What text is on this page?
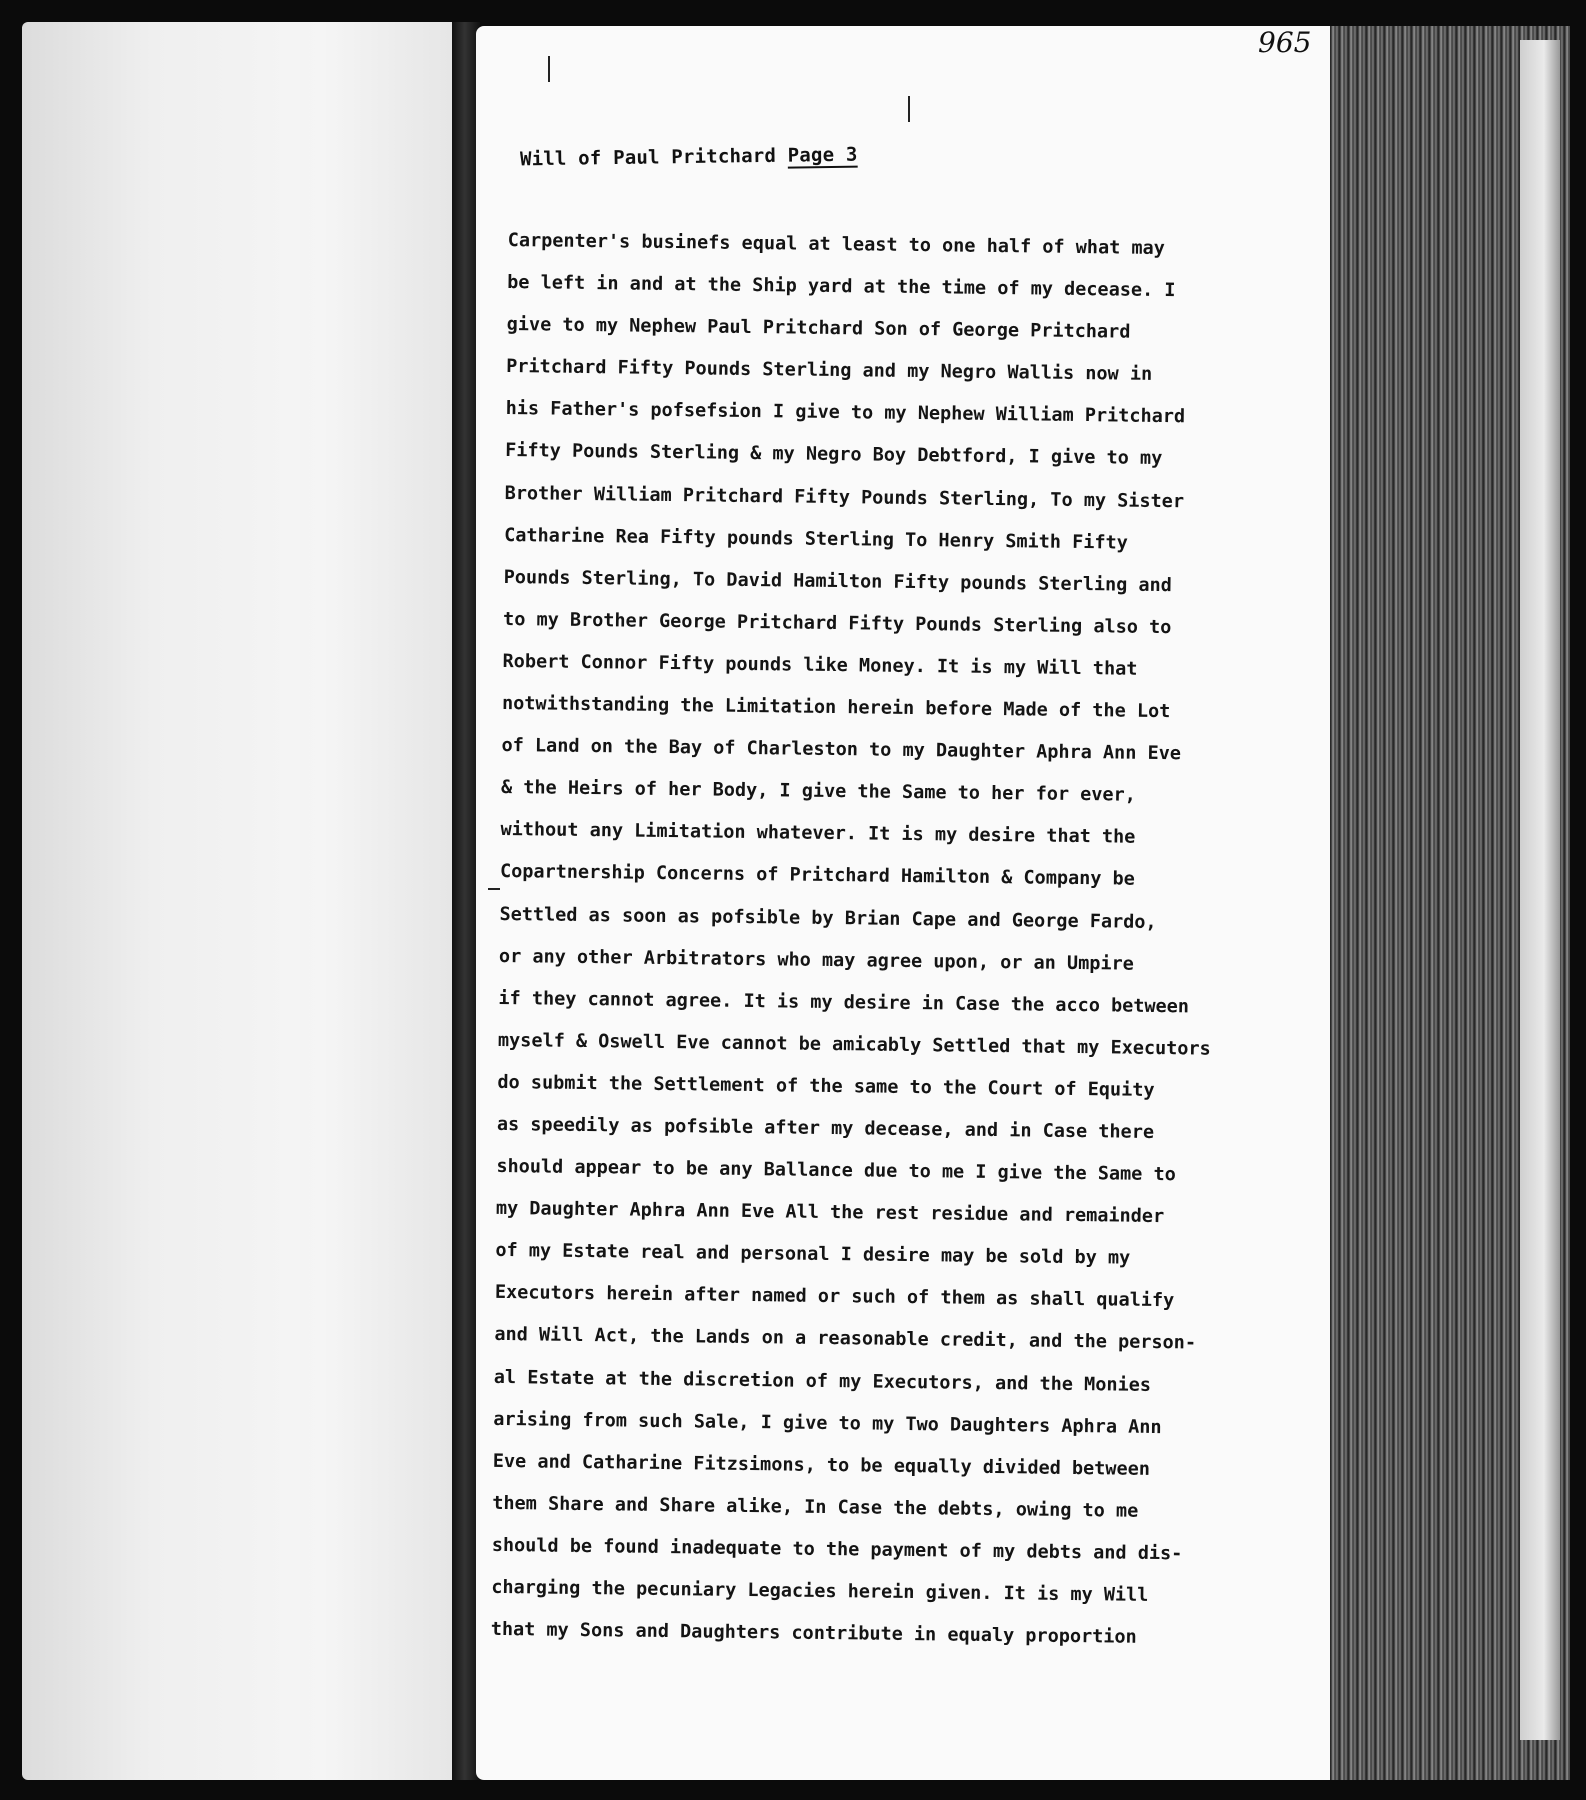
965
Will of Paul Pritchard Page 3
Carpenter's businefs equal at least to one half of what may
be left in and at the Ship yard at the time of my decease. I
give to my Nephew Paul Pritchard Son of George Pritchard
Pritchard Fifty Pounds Sterling and my Negro Wallis now in
his Father's pofsefsion I give to my Nephew William Pritchard
Fifty Pounds Sterling & my Negro Boy Debtford, I give to my
Brother William Pritchard Fifty Pounds Sterling, To my Sister
Catharine Rea Fifty pounds Sterling To Henry Smith Fifty
Pounds Sterling, To David Hamilton Fifty pounds Sterling and
to my Brother George Pritchard Fifty Pounds Sterling also to
Robert Connor Fifty pounds like Money. It is my Will that
notwithstanding the Limitation herein before Made of the Lot
of Land on the Bay of Charleston to my Daughter Aphra Ann Eve
& the Heirs of her Body, I give the Same to her for ever,
without any Limitation whatever. It is my desire that the
Copartnership Concerns of Pritchard Hamilton & Company be
Settled as soon as pofsible by Brian Cape and George Fardo,
or any other Arbitrators who may agree upon, or an Umpire
if they cannot agree. It is my desire in Case the acco between
myself & Oswell Eve cannot be amicably Settled that my Executors
do submit the Settlement of the same to the Court of Equity
as speedily as pofsible after my decease, and in Case there
should appear to be any Ballance due to me I give the Same to
my Daughter Aphra Ann Eve All the rest residue and remainder
of my Estate real and personal I desire may be sold by my
Executors herein after named or such of them as shall qualify
and Will Act, the Lands on a reasonable credit, and the person-
al Estate at the discretion of my Executors, and the Monies
arising from such Sale, I give to my Two Daughters Aphra Ann
Eve and Catharine Fitzsimons, to be equally divided between
them Share and Share alike, In Case the debts, owing to me
should be found inadequate to the payment of my debts and dis-
charging the pecuniary Legacies herein given. It is my Will
that my Sons and Daughters contribute in equaly proportion
